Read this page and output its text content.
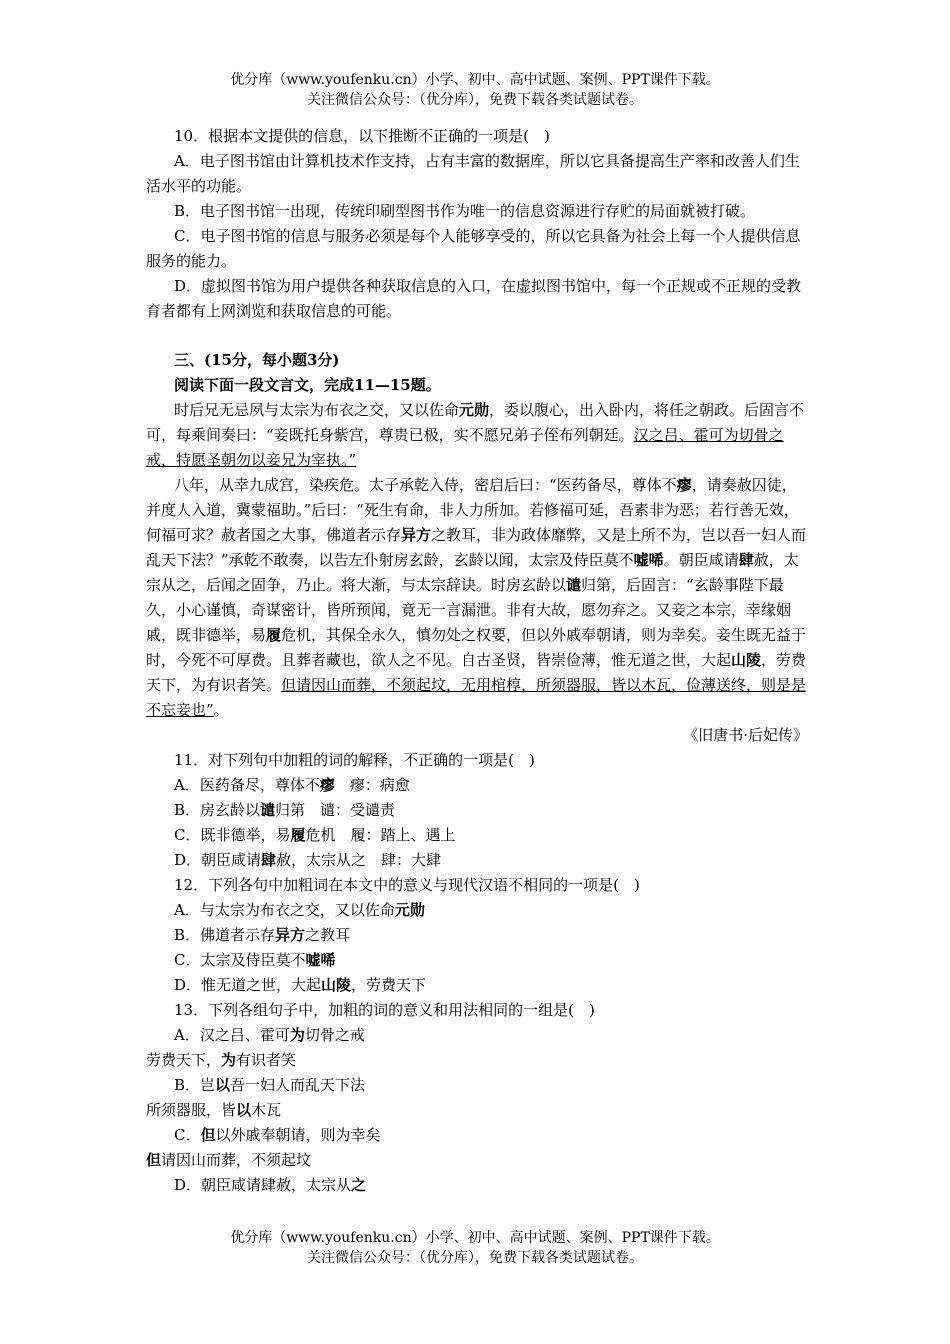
优分库（www.youfenku.cn）小学、初中、高中试题、案例、PPT课件下载。
关注微信公众号：（优分库），免费下载各类试题试卷。

10．根据本文提供的信息，以下推断不正确的一项是(　)

A．电子图书馆由计算机技术作支持，占有丰富的数据库，所以它具备提高生产率和改善人们生活水平的功能。

B．电子图书馆一出现，传统印刷型图书作为唯一的信息资源进行存贮的局面就被打破。

C．电子图书馆的信息与服务必须是每个人能够享受的，所以它具备为社会上每一个人提供信息服务的能力。

D．虚拟图书馆为用户提供各种获取信息的入口，在虚拟图书馆中，每一个正规或不正规的受教育者都有上网浏览和获取信息的可能。

三、(15分，每小题3分)

阅读下面一段文言文，完成11—15题。

时后兄无忌夙与太宗为布衣之交，又以佐命元勋，委以腹心，出入卧内，将任之朝政。后固言不可，每乘间奏曰：“妾既托身紫宫，尊贵已极，实不愿兄弟子侄布列朝廷。汉之吕、霍可为切骨之戒，特愿圣朝勿以妾兄为宰执。”

八年，从幸九成宫，染疾危。太子承乾入侍，密启后曰：“医药备尽，尊体不瘳，请奏赦囚徒，并度人入道，冀蒙福助。”后曰：“死生有命，非人力所加。若修福可延，吾素非为恶；若行善无效，何福可求？赦者国之大事，佛道者示存异方之教耳，非为政体靡弊，又是上所不为，岂以吾一妇人而乱天下法？”承乾不敢奏，以告左仆射房玄龄，玄龄以闻，太宗及侍臣莫不嘘唏。朝臣咸请肆赦，太宗从之，后闻之固争，乃止。将大渐，与太宗辞诀。时房玄龄以谴归第，后固言：“玄龄事陛下最久，小心谨慎，奇谋密计，皆所预闻，竟无一言漏泄。非有大故，愿勿弃之。又妾之本宗，幸缘姻戚，既非德举，易履危机，其保全永久，慎勿处之权要，但以外戚奉朝请，则为幸矣。妾生既无益于时，今死不可厚费。且葬者藏也，欲人之不见。自古圣贤，皆崇俭薄，惟无道之世，大起山陵，劳费天下，为有识者笑。但请因山而葬，不须起坟，无用棺椁，所须器服，皆以木瓦，俭薄送终，则是是不忘妾也”。

《旧唐书·后妃传》

11．对下列句中加粗的词的解释，不正确的一项是(　)

A．医药备尽，尊体不瘳　瘳：病愈

B．房玄龄以谴归第　谴：受谴责

C．既非德举，易履危机　履：踏上、遇上

D．朝臣咸请肆赦，太宗从之　肆：大肆

12．下列各句中加粗词在本文中的意义与现代汉语不相同的一项是(　)

A．与太宗为布衣之交，又以佐命元勋

B．佛道者示存异方之教耳

C．太宗及侍臣莫不嘘唏

D．惟无道之世，大起山陵，劳费天下

13．下列各组句子中，加粗的词的意义和用法相同的一组是(　)

A．汉之吕、霍可为切骨之戒

劳费天下，为有识者笑

B．岂以吾一妇人而乱天下法

所须器服，皆以木瓦

C．但以外戚奉朝请，则为幸矣

但请因山而葬，不须起坟

D．朝臣咸请肆赦，太宗从之

优分库（www.youfenku.cn）小学、初中、高中试题、案例、PPT课件下载。
关注微信公众号：（优分库），免费下载各类试题试卷。
